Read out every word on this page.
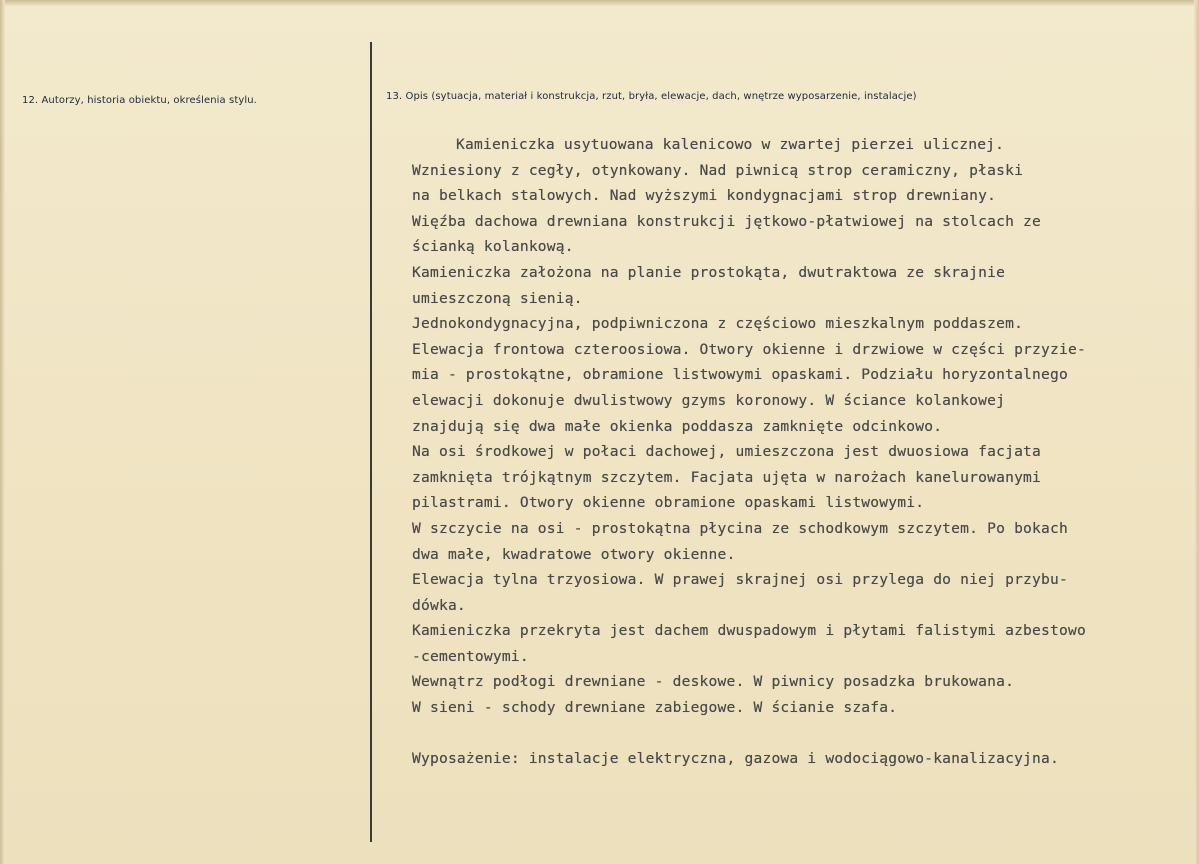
12. Autorzy, historia obiektu, określenia stylu.	13. Opis (sytuacja, materiał i konstrukcja, rzut, bryła, elewacje, dach, wnętrze wyposarzenie, instalacje)
Kamieniczka usytuowana kalenicowo w zwartej pierzei ulicznej.
Wzniesiony z cegły, otynkowany. Nad piwnicą strop ceramiczny, płaski
na belkach stalowych. Nad wyższymi kondygnacjami strop drewniany.
Więźba dachowa drewniana konstrukcji jętkowo-płatwiowej na stolcach ze
ścianką kolankową.
Kamieniczka założona na planie prostokąta, dwutraktowa ze skrajnie
umieszczoną sienią.
Jednokondygnacyjna, podpiwniczona z częściowo mieszkalnym poddaszem.
Elewacja frontowa czteroosiowa. Otwory okienne i drzwiowe w części przyzie-
mia - prostokątne, obramione listwowymi opaskami. Podziału horyzontalnego
elewacji dokonuje dwulistwowy gzyms koronowy. W ściance kolankowej
znajdują się dwa małe okienka poddasza zamknięte odcinkowo.
Na osi środkowej w połaci dachowej, umieszczona jest dwuosiowa facjata
zamknięta trójkątnym szczytem. Facjata ujęta w narożach kanelurowanymi
pilastrami. Otwory okienne obramione opaskami listwowymi.
W szczycie na osi - prostokątna płycina ze schodkowym szczytem. Po bokach
dwa małe, kwadratowe otwory okienne.
Elewacja tylna trzyosiowa. W prawej skrajnej osi przylega do niej przybu-
dówka.
Kamieniczka przekryta jest dachem dwuspadowym i płytami falistymi azbestowo
-cementowymi.
Wewnątrz podłogi drewniane - deskowe. W piwnicy posadzka brukowana.
W sieni - schody drewniane zabiegowe. W ścianie szafa.
Wyposażenie: instalacje elektryczna, gazowa i wodociągowo-kanalizacyjna.
